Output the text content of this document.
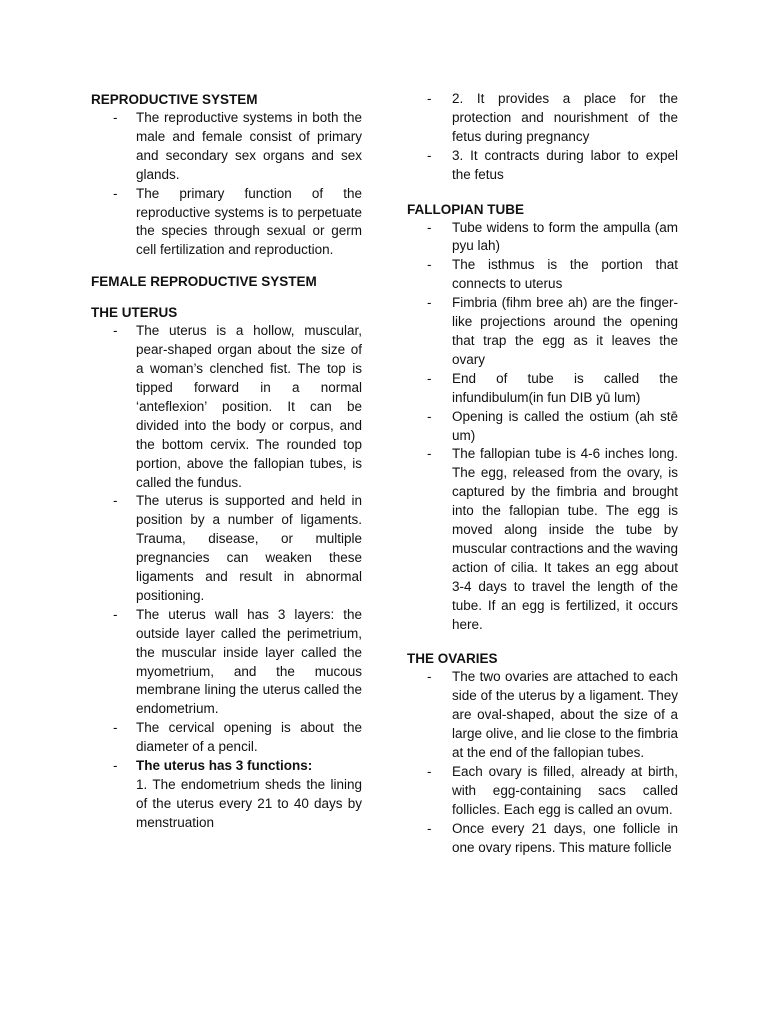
REPRODUCTIVE SYSTEM
- The reproductive systems in both the male and female consist of primary and secondary sex organs and sex glands.
- The primary function of the reproductive systems is to perpetuate the species through sexual or germ cell fertilization and reproduction.
FEMALE REPRODUCTIVE SYSTEM
THE UTERUS
- The uterus is a hollow, muscular, pear-shaped organ about the size of a woman’s clenched fist. The top is tipped forward in a normal ‘anteflexion’ position. It can be divided into the body or corpus, and the bottom cervix. The rounded top portion, above the fallopian tubes, is called the fundus.
- The uterus is supported and held in position by a number of ligaments. Trauma, disease, or multiple pregnancies can weaken these ligaments and result in abnormal positioning.
- The uterus wall has 3 layers: the outside layer called the perimetrium, the muscular inside layer called the myometrium, and the mucous membrane lining the uterus called the endometrium.
- The cervical opening is about the diameter of a pencil.
- The uterus has 3 functions:
1. The endometrium sheds the lining of the uterus every 21 to 40 days by menstruation
- 2. It provides a place for the protection and nourishment of the fetus during pregnancy
- 3. It contracts during labor to expel the fetus
FALLOPIAN TUBE
- Tube widens to form the ampulla (am pyu lah)
- The isthmus is the portion that connects to uterus
- Fimbria (fihm bree ah) are the finger-like projections around the opening that trap the egg as it leaves the ovary
- End of tube is called the infundibulum(in fun DIB yū lum)
- Opening is called the ostium (ah stē um)
- The fallopian tube is 4-6 inches long. The egg, released from the ovary, is captured by the fimbria and brought into the fallopian tube. The egg is moved along inside the tube by muscular contractions and the waving action of cilia. It takes an egg about 3-4 days to travel the length of the tube. If an egg is fertilized, it occurs here.
THE OVARIES
- The two ovaries are attached to each side of the uterus by a ligament. They are oval-shaped, about the size of a large olive, and lie close to the fimbria at the end of the fallopian tubes.
- Each ovary is filled, already at birth, with egg-containing sacs called follicles. Each egg is called an ovum.
- Once every 21 days, one follicle in one ovary ripens. This mature follicle
